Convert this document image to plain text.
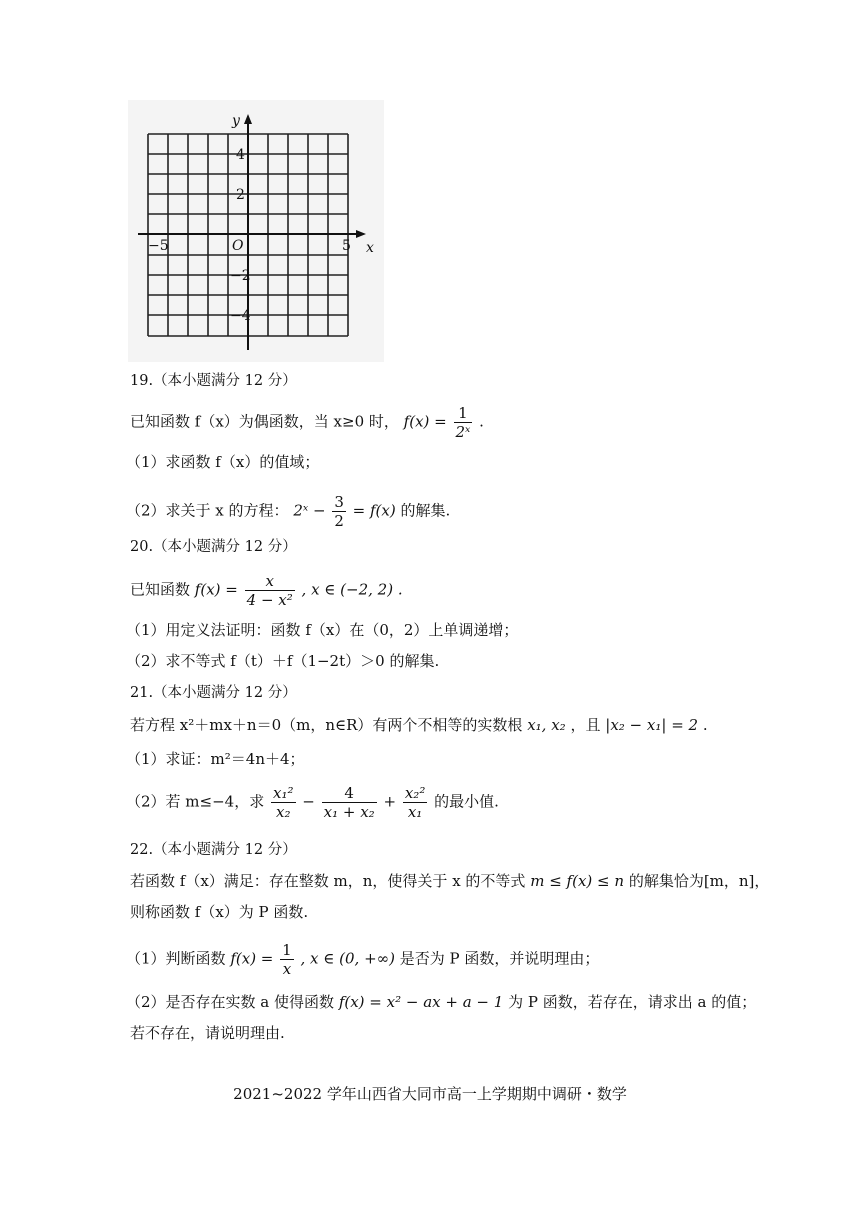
x
y
O
−5	5
4
2
−2
−4
19.（本小题满分 12 分）
已知函数 f（x）为偶函数，当 x≥0 时， $f(x) = \frac{1}{\text{2ˣ}}$ .
（1）求函数 f（x）的值域；
（2）求关于 x 的方程： 2ˣ − $\frac{3}{2} = f(x)$ 的解集.
20.（本小题满分 12 分）
已知函数 $f(x) = \frac{x}{\text{4 − x²}}$ , x ∈ (−2, 2) .
（1）用定义法证明：函数 f（x）在（0，2）上单调递增；
（2）求不等式 f（t）＋f（1−2t）＞0 的解集.
21.（本小题满分 12 分）
若方程 x²＋mx＋n＝0（m，n∈R）有两个不相等的实数根 x₁, x₂ ，且 |x₂ − x₁| = 2 .
（1）求证：m²＝4n＋4；
（2）若 m≤−4，求 $\frac{\text{x₁²}}{\text{x₂}} - \frac{4}{\text{x₁ + x₂}} + \frac{\text{x₂²}}{\text{x₁}}$ 的最小值.
22.（本小题满分 12 分）
若函数 f（x）满足：存在整数 m，n，使得关于 x 的不等式 m ≤ f(x) ≤ n 的解集恰为[m，n]，
则称函数 f（x）为 P 函数.
（1）判断函数 $f(x) = \frac{1}{x}$ , x ∈ (0, +∞) 是否为 P 函数，并说明理由；
（2）是否存在实数 a 使得函数 f(x) = x² − ax + a − 1 为 P 函数，若存在，请求出 a 的值；
若不存在，请说明理由.
2021~2022 学年山西省大同市高一上学期期中调研・数学
